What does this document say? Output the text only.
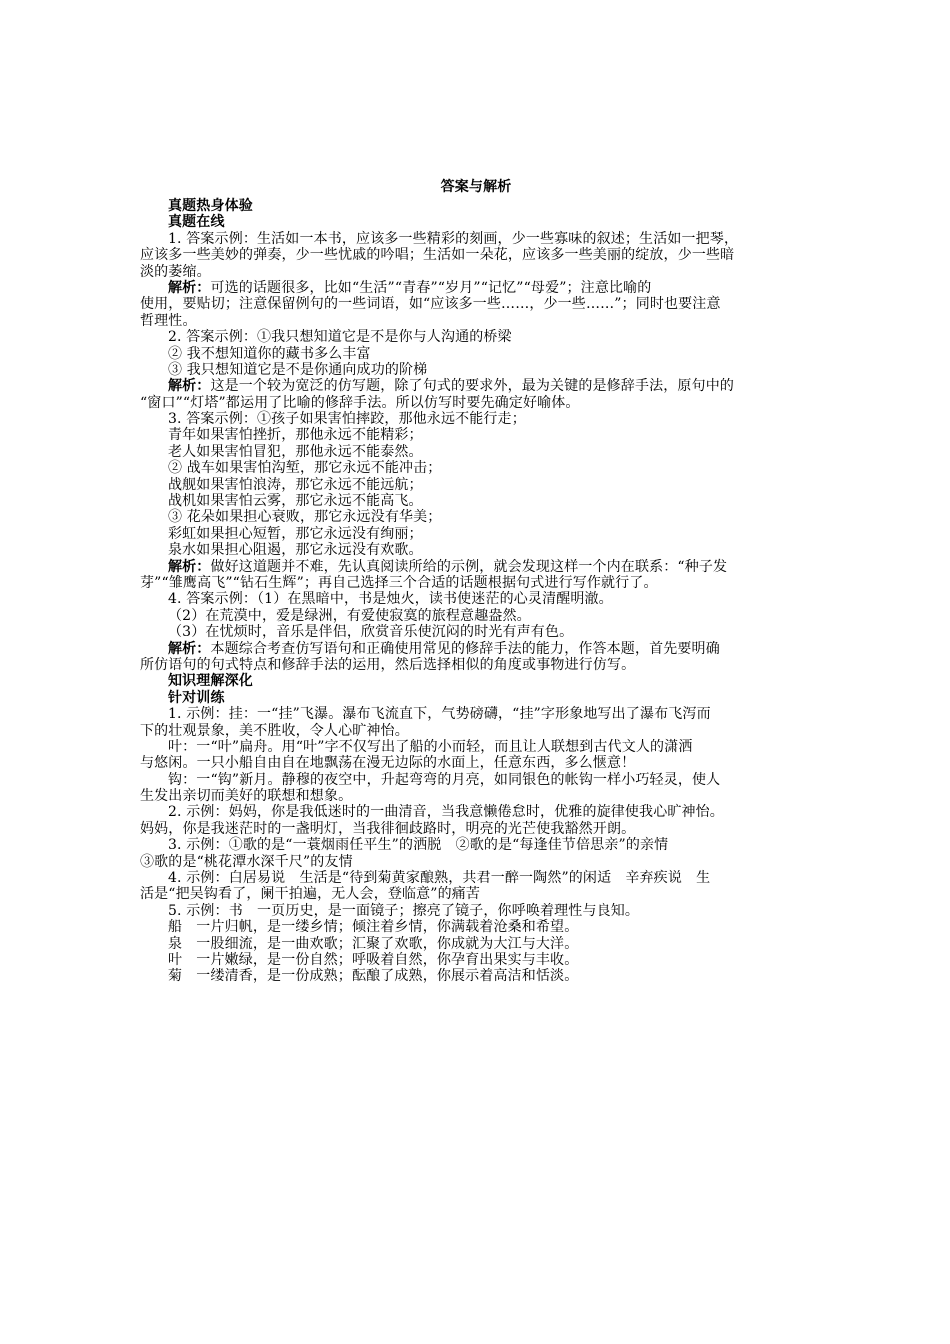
答案与解析
真题热身体验
真题在线
1. 答案示例：生活如一本书，应该多一些精彩的刻画，少一些寡味的叙述；生活如一把琴，
应该多一些美妙的弹奏，少一些忧戚的吟唱；生活如一朵花，应该多一些美丽的绽放，少一些暗
淡的萎缩。
解析：可选的话题很多，比如“生活”“青春”“岁月”“记忆”“母爱”；注意比喻的
使用，要贴切；注意保留例句的一些词语，如“应该多一些……，少一些……”；同时也要注意
哲理性。
2. 答案示例：①我只想知道它是不是你与人沟通的桥梁
② 我不想知道你的藏书多么丰富
③ 我只想知道它是不是你通向成功的阶梯
解析：这是一个较为宽泛的仿写题，除了句式的要求外，最为关键的是修辞手法，原句中的
“窗口”“灯塔”都运用了比喻的修辞手法。所以仿写时要先确定好喻体。
3. 答案示例：①孩子如果害怕摔跤，那他永远不能行走；
青年如果害怕挫折，那他永远不能精彩；
老人如果害怕冒犯，那他永远不能泰然。
② 战车如果害怕沟堑，那它永远不能冲击；
战舰如果害怕浪涛，那它永远不能远航；
战机如果害怕云雾，那它永远不能高飞。
③ 花朵如果担心衰败，那它永远没有华美；
彩虹如果担心短暂，那它永远没有绚丽；
泉水如果担心阻遏，那它永远没有欢歌。
解析：做好这道题并不难，先认真阅读所给的示例，就会发现这样一个内在联系：“种子发
芽”“雏鹰高飞”“钻石生辉”；再自己选择三个合适的话题根据句式进行写作就行了。
4. 答案示例：（1）在黑暗中，书是烛火，读书使迷茫的心灵清醒明澈。
（2）在荒漠中，爱是绿洲，有爱使寂寞的旅程意趣盎然。
（3）在忧烦时，音乐是伴侣，欣赏音乐使沉闷的时光有声有色。
解析：本题综合考查仿写语句和正确使用常见的修辞手法的能力，作答本题，首先要明确
所仿语句的句式特点和修辞手法的运用，然后选择相似的角度或事物进行仿写。
知识理解深化
针对训练
1. 示例：挂：一“挂”飞瀑。瀑布飞流直下，气势磅礴，“挂”字形象地写出了瀑布飞泻而
下的壮观景象，美不胜收，令人心旷神怡。
叶：一“叶”扁舟。用“叶”字不仅写出了船的小而轻，而且让人联想到古代文人的潇洒
与悠闲。一只小船自由自在地飘荡在漫无边际的水面上，任意东西，多么惬意！
钩：一“钩”新月。静穆的夜空中，升起弯弯的月亮，如同银色的帐钩一样小巧轻灵，使人
生发出亲切而美好的联想和想象。
2. 示例：妈妈，你是我低迷时的一曲清音，当我意懒倦怠时，优雅的旋律使我心旷神怡。
妈妈，你是我迷茫时的一盏明灯，当我徘徊歧路时，明亮的光芒使我豁然开朗。
3. 示例：①歌的是“一蓑烟雨任平生”的洒脱　②歌的是“每逢佳节倍思亲”的亲情
③歌的是“桃花潭水深千尺”的友情
4. 示例：白居易说　生活是“待到菊黄家酿熟，共君一醉一陶然”的闲适　辛弃疾说　生
活是“把吴钩看了，阑干拍遍，无人会，登临意”的痛苦
5. 示例：书　一页历史，是一面镜子；擦亮了镜子，你呼唤着理性与良知。
船　一片归帆，是一缕乡情；倾注着乡情，你满载着沧桑和希望。
泉　一股细流，是一曲欢歌；汇聚了欢歌，你成就为大江与大洋。
叶　一片嫩绿，是一份自然；呼吸着自然，你孕育出果实与丰收。
菊　一缕清香，是一份成熟；酝酿了成熟，你展示着高洁和恬淡。
